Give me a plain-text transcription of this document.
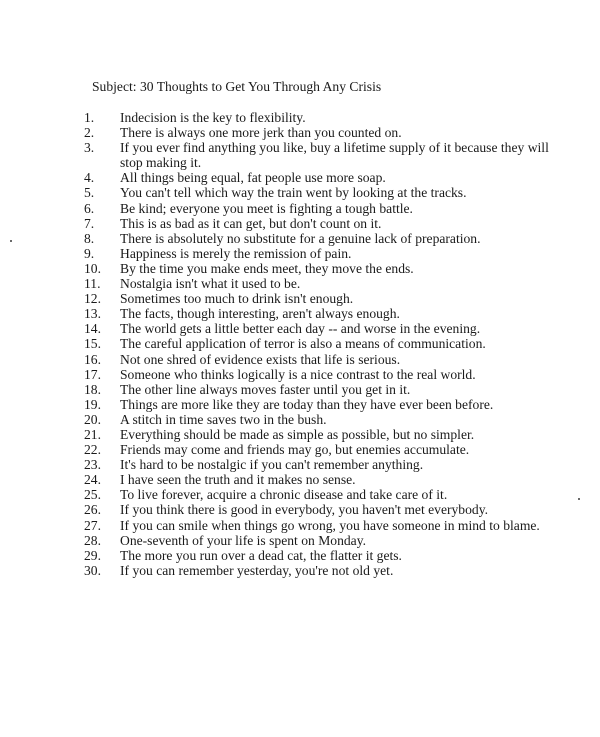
Subject: 30 Thoughts to Get You Through Any Crisis
1.	Indecision is the key to flexibility.
2.	There is always one more jerk than you counted on.
3.	If you ever find anything you like, buy a lifetime supply of it because they will stop making it.
4.	All things being equal, fat people use more soap.
5.	You can't tell which way the train went by looking at the tracks.
6.	Be kind; everyone you meet is fighting a tough battle.
7.	This is as bad as it can get, but don't count on it.
8.	There is absolutely no substitute for a genuine lack of preparation.
9.	Happiness is merely the remission of pain.
10.	By the time you make ends meet, they move the ends.
11.	Nostalgia isn't what it used to be.
12.	Sometimes too much to drink isn't enough.
13.	The facts, though interesting, aren't always enough.
14.	The world gets a little better each day -- and worse in the evening.
15.	The careful application of terror is also a means of communication.
16.	Not one shred of evidence exists that life is serious.
17.	Someone who thinks logically is a nice contrast to the real world.
18.	The other line always moves faster until you get in it.
19.	Things are more like they are today than they have ever been before.
20.	A stitch in time saves two in the bush.
21.	Everything should be made as simple as possible, but no simpler.
22.	Friends may come and friends may go, but enemies accumulate.
23.	It's hard to be nostalgic if you can't remember anything.
24.	I have seen the truth and it makes no sense.
25.	To live forever, acquire a chronic disease and take care of it.
26.	If you think there is good in everybody, you haven't met everybody.
27.	If you can smile when things go wrong, you have someone in mind to blame.
28.	One-seventh of your life is spent on Monday.
29.	The more you run over a dead cat, the flatter it gets.
30.	If you can remember yesterday, you're not old yet.
